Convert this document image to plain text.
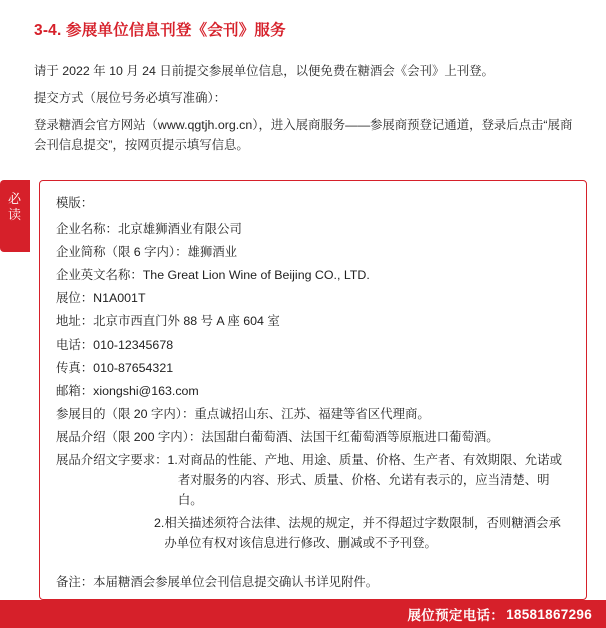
3-4. 参展单位信息刊登《会刊》服务

请于 2022 年 10 月 24 日前提交参展单位信息，以便免费在糖酒会《会刊》上刊登。

提交方式（展位号务必填写准确）：

登录糖酒会官方网站（www.qgtjh.org.cn），进入展商服务——参展商预登记通道，登录后点击“展商会刊信息提交”，按网页提示填写信息。

必
读
模版：
企业名称：北京雄狮酒业有限公司
企业简称（限 6 字内）：雄狮酒业
企业英文名称：The Great Lion Wine of Beijing CO., LTD.
展位：N1A001T
地址：北京市西直门外 88 号 A 座 604 室
电话：010-12345678
传真：010-87654321
邮箱：xiongshi@163.com
参展目的（限 20 字内）：重点诚招山东、江苏、福建等省区代理商。
展品介绍（限 200 字内）：法国甜白葡萄酒、法国干红葡萄酒等原瓶进口葡萄酒。
展品介绍文字要求： 1. 对商品的性能、产地、用途、质量、价格、生产者、有效期限、允诺或者对服务的内容、形式、质量、价格、允诺有表示的，应当清楚、明白。
2. 相关描述须符合法律、法规的规定，并不得超过字数限制，否则糖酒会承办单位有权对该信息进行修改、删减或不予刊登。
备注：本届糖酒会参展单位会刊信息提交确认书详见附件。
展位预定电话： 18581867296
